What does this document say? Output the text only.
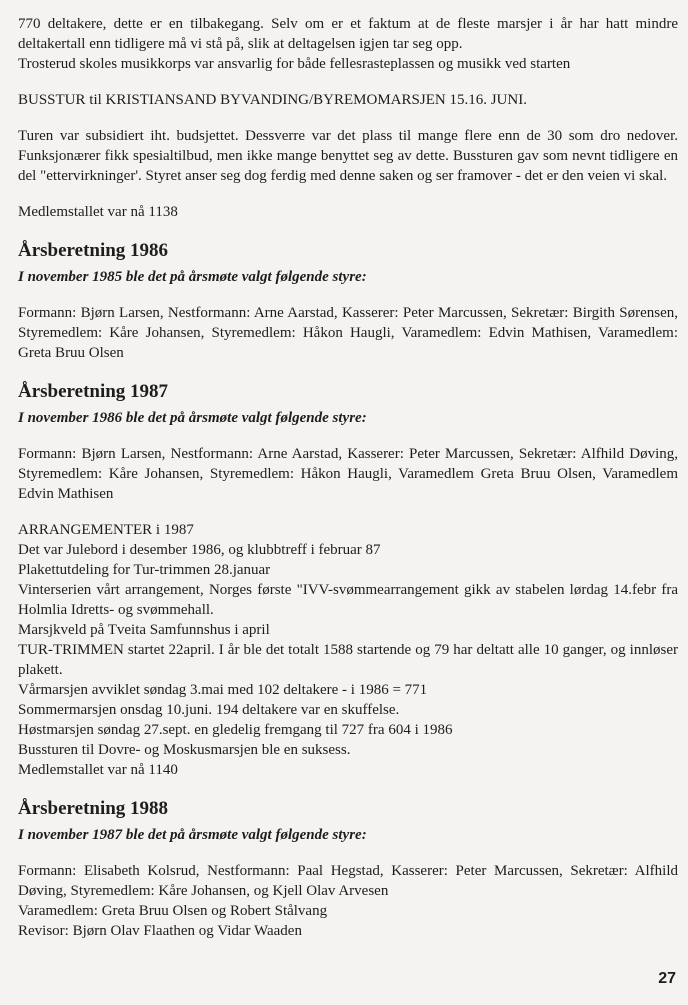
770 deltakere, dette er en tilbakegang. Selv om er et faktum at de fleste marsjer i år har hatt mindre deltakertall enn tidligere må vi stå på, slik at deltagelsen igjen tar seg opp.

Trosterud skoles musikkorps var ansvarlig for både fellesrasteplassen og musikk ved starten

BUSSTUR til KRISTIANSAND BYVANDING/BYREMOMARSJEN 15.16. JUNI.

Turen var subsidiert iht. budsjettet. Dessverre var det plass til mange flere enn de 30 som dro nedover. Funksjonærer fikk spesialtilbud, men ikke mange benyttet seg av dette. Bussturen gav som nevnt tidligere en del "ettervirkninger'. Styret anser seg dog ferdig med denne saken og ser framover - det er den veien vi skal.

Medlemstallet var nå 1138

Årsberetning 1986

I november 1985 ble det på årsmøte valgt følgende styre:

Formann: Bjørn Larsen, Nestformann: Arne Aarstad, Kasserer: Peter Marcussen, Sekretær: Birgith Sørensen, Styremedlem: Kåre Johansen, Styremedlem: Håkon Haugli, Varamedlem: Edvin Mathisen, Varamedlem: Greta Bruu Olsen

Årsberetning 1987

I november 1986 ble det på årsmøte valgt følgende styre:

Formann: Bjørn Larsen, Nestformann: Arne Aarstad, Kasserer: Peter Marcussen, Sekretær: Alfhild Døving, Styremedlem: Kåre Johansen, Styremedlem: Håkon Haugli, Varamedlem Greta Bruu Olsen, Varamedlem Edvin Mathisen

ARRANGEMENTER i 1987

Det var Julebord i desember 1986, og klubbtreff i februar 87

Plakettutdeling for Tur-trimmen 28.januar

Vinterserien vårt arrangement, Norges første "IVV-svømmearrangement gikk av stabelen lørdag 14.febr fra Holmlia Idretts- og svømmehall.

Marsjkveld på Tveita Samfunnshus i april

TUR-TRIMMEN startet 22april. I år ble det totalt 1588 startende og 79 har deltatt alle 10 ganger, og innløser plakett.

Vårmarsjen avviklet søndag 3.mai med 102 deltakere - i 1986 = 771

Sommermarsjen onsdag 10.juni. 194 deltakere var en skuffelse.

Høstmarsjen søndag 27.sept. en gledelig fremgang til 727 fra 604 i 1986

Bussturen til Dovre- og Moskusmarsjen ble en suksess.

Medlemstallet var nå 1140

Årsberetning 1988

I november 1987 ble det på årsmøte valgt følgende styre:

Formann: Elisabeth Kolsrud, Nestformann: Paal Hegstad, Kasserer: Peter Marcussen, Sekretær: Alfhild Døving, Styremedlem: Kåre Johansen, og Kjell Olav Arvesen

Varamedlem: Greta Bruu Olsen og Robert Stålvang

Revisor: Bjørn Olav Flaathen og Vidar Waaden

27
